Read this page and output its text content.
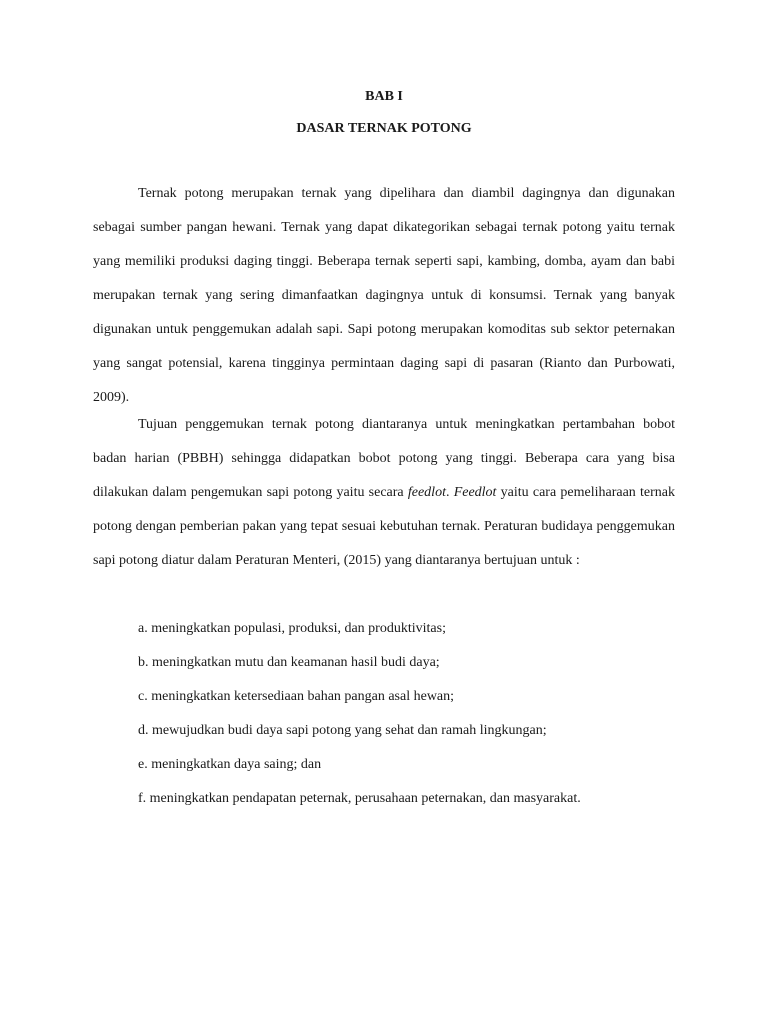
BAB I

DASAR TERNAK POTONG

Ternak potong merupakan ternak yang dipelihara dan diambil dagingnya dan digunakan sebagai sumber pangan hewani. Ternak yang dapat dikategorikan sebagai ternak potong yaitu ternak yang memiliki produksi daging tinggi. Beberapa ternak seperti sapi, kambing, domba, ayam dan babi merupakan ternak yang sering dimanfaatkan dagingnya untuk di konsumsi. Ternak yang banyak digunakan untuk penggemukan adalah sapi. Sapi potong merupakan komoditas sub sektor peternakan yang sangat potensial, karena tingginya permintaan daging sapi di pasaran (Rianto dan Purbowati, 2009).

Tujuan penggemukan ternak potong diantaranya untuk meningkatkan pertambahan bobot badan harian (PBBH) sehingga didapatkan bobot potong yang tinggi. Beberapa cara yang bisa dilakukan dalam pengemukan sapi potong yaitu secara feedlot. Feedlot yaitu cara pemeliharaan ternak potong dengan pemberian pakan yang tepat sesuai kebutuhan ternak. Peraturan budidaya penggemukan sapi potong diatur dalam Peraturan Menteri, (2015) yang diantaranya bertujuan untuk :

a. meningkatkan populasi, produksi, dan produktivitas;
b. meningkatkan mutu dan keamanan hasil budi daya;
c. meningkatkan ketersediaan bahan pangan asal hewan;
d. mewujudkan budi daya sapi potong yang sehat dan ramah lingkungan;
e. meningkatkan daya saing; dan
f. meningkatkan pendapatan peternak, perusahaan peternakan, dan masyarakat.
